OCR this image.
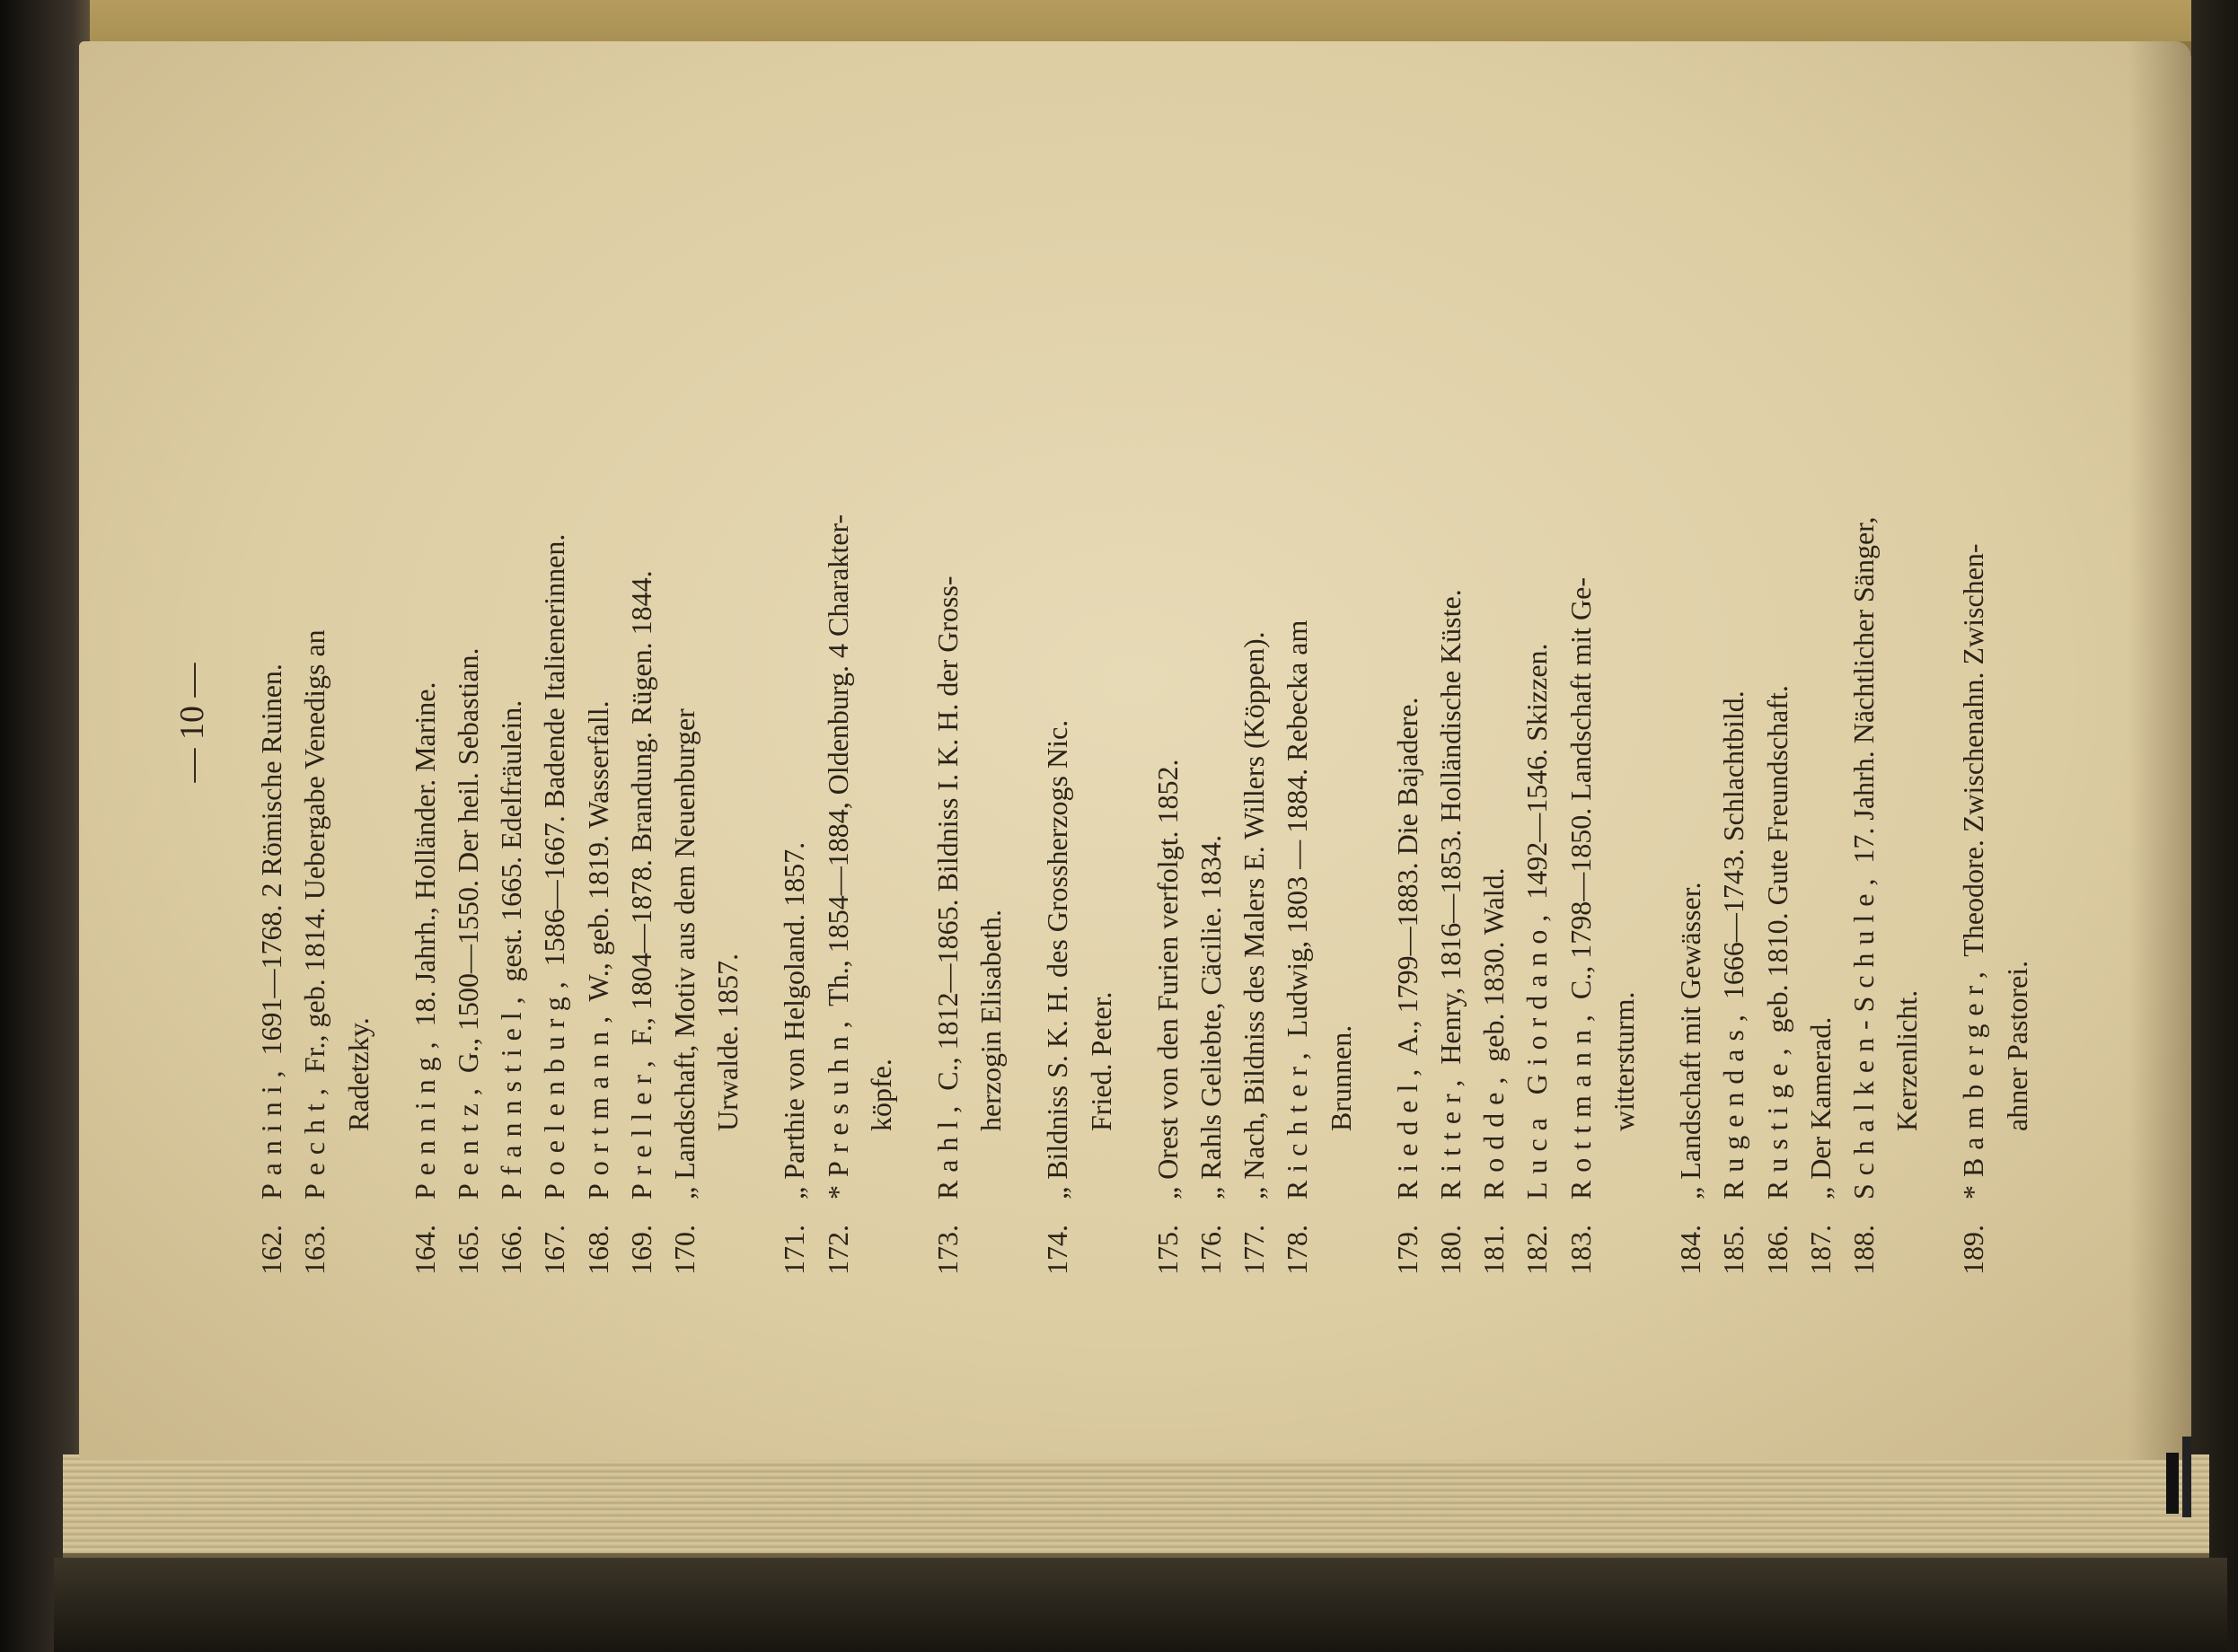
— 10 —
162.Panini, 1691—1768. 2 Römische Ruinen.
163.Pecht, Fr., geb. 1814. Uebergabe Venedigs an Radetzky.
164.Penning, 18. Jahrh., Holländer. Marine.
165.Pentz, G., 1500—1550. Der heil. Sebastian.
166.Pfannstiel, gest. 1665. Edelfräulein.
167.Poelenburg, 1586—1667. Badende Italienerinnen.
168.Portmann, W., geb. 1819. Wasserfall.
169.Preller, F., 1804—1878. Brandung. Rügen. 1844.
170.„ Landschaft, Motiv aus dem Neuenburger Urwalde. 1857.
171.„ Parthie von Helgoland. 1857.
172.*Presuhn, Th., 1854—1884, Oldenburg. 4 Charakter-
köpfe.
173.Rahl, C., 1812—1865. Bildniss I. K. H. der Gross- herzogin Elisabeth.
174.„ Bildniss S. K. H. des Grossherzogs Nic. Fried. Peter.
175.„ Orest von den Furien verfolgt. 1852.
176.„ Rahls Geliebte, Cäcilie. 1834.
177.„ Nach, Bildniss des Malers E. Willers (Köppen).
178.Richter, Ludwig, 1803 — 1884. Rebecka am
Brunnen.
179.Riedel, A., 1799—1883. Die Bajadere.
180.Ritter, Henry, 1816—1853. Holländische Küste.
181.Rodde, geb. 1830. Wald.
182.Luca Giordano, 1492—1546. Skizzen.
183.Rottmann, C., 1798—1850. Landschaft mit Ge-
wittersturm.
184.„ Landschaft mit Gewässer.
185.Rugendas, 1666—1743. Schlachtbild.
186.Rustige, geb. 1810. Gute Freundschaft.
187.„ Der Kamerad.
188.Schalken-Schule, 17. Jahrh. Nächtlicher Sänger,
Kerzenlicht.
189.*Bamberger, Theodore. Zwischenahn. Zwischen-
ahner Pastorei.
